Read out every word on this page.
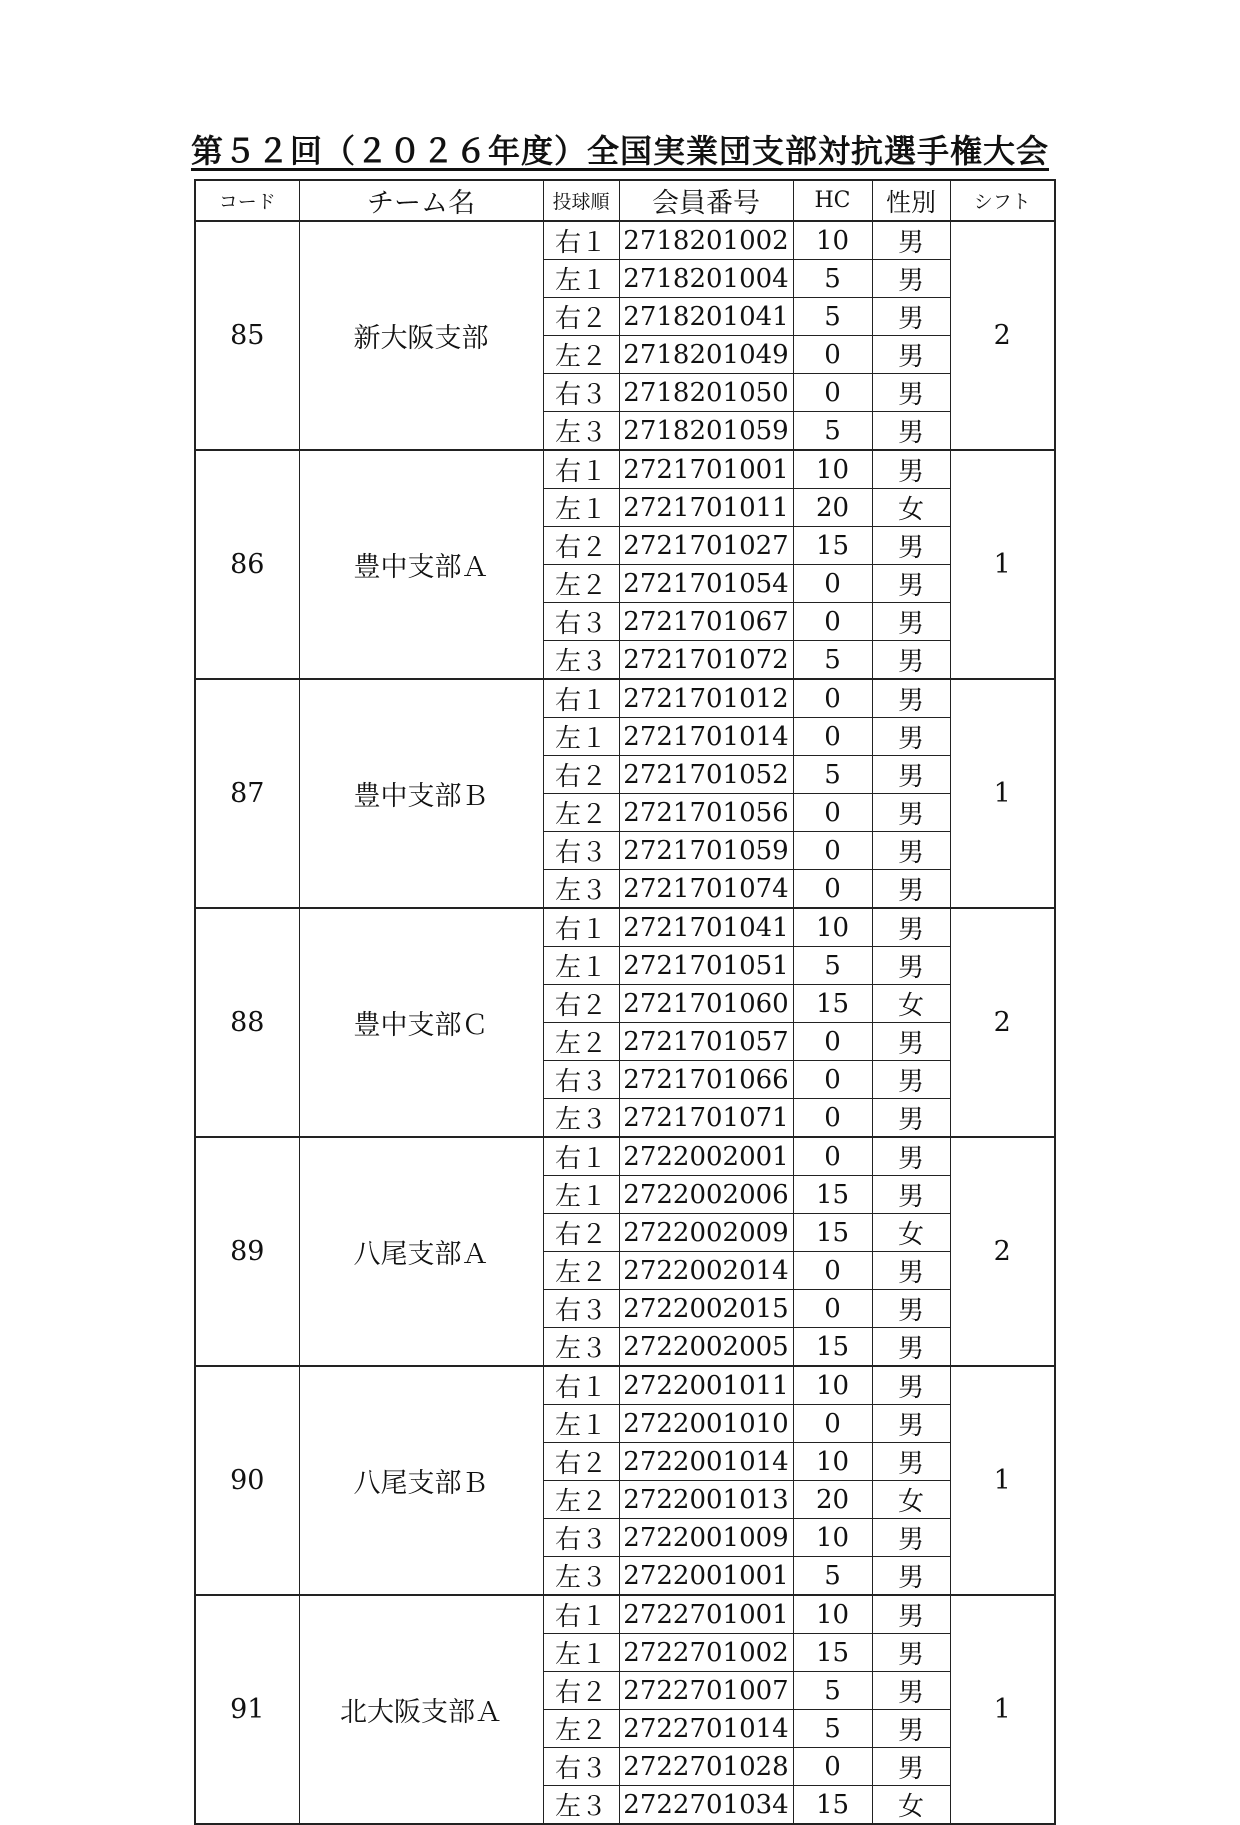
第５２回（２０２６年度）全国実業団支部対抗選手権大会
コード	チーム名	投球順	会員番号	HC	性別	シフト
85	新大阪支部	右１	2718201002	10	男	2
		左１	2718201004	5	男	
		右２	2718201041	5	男	
		左２	2718201049	0	男	
		右３	2718201050	0	男	
		左３	2718201059	5	男	
86	豊中支部Ａ	右１	2721701001	10	男	1
		左１	2721701011	20	女	
		右２	2721701027	15	男	
		左２	2721701054	0	男	
		右３	2721701067	0	男	
		左３	2721701072	5	男	
87	豊中支部Ｂ	右１	2721701012	0	男	1
		左１	2721701014	0	男	
		右２	2721701052	5	男	
		左２	2721701056	0	男	
		右３	2721701059	0	男	
		左３	2721701074	0	男	
88	豊中支部Ｃ	右１	2721701041	10	男	2
		左１	2721701051	5	男	
		右２	2721701060	15	女	
		左２	2721701057	0	男	
		右３	2721701066	0	男	
		左３	2721701071	0	男	
89	八尾支部Ａ	右１	2722002001	0	男	2
		左１	2722002006	15	男	
		右２	2722002009	15	女	
		左２	2722002014	0	男	
		右３	2722002015	0	男	
		左３	2722002005	15	男	
90	八尾支部Ｂ	右１	2722001011	10	男	1
		左１	2722001010	0	男	
		右２	2722001014	10	男	
		左２	2722001013	20	女	
		右３	2722001009	10	男	
		左３	2722001001	5	男	
91	北大阪支部Ａ	右１	2722701001	10	男	1
		左１	2722701002	15	男	
		右２	2722701007	5	男	
		左２	2722701014	5	男	
		右３	2722701028	0	男	
		左３	2722701034	15	女	
